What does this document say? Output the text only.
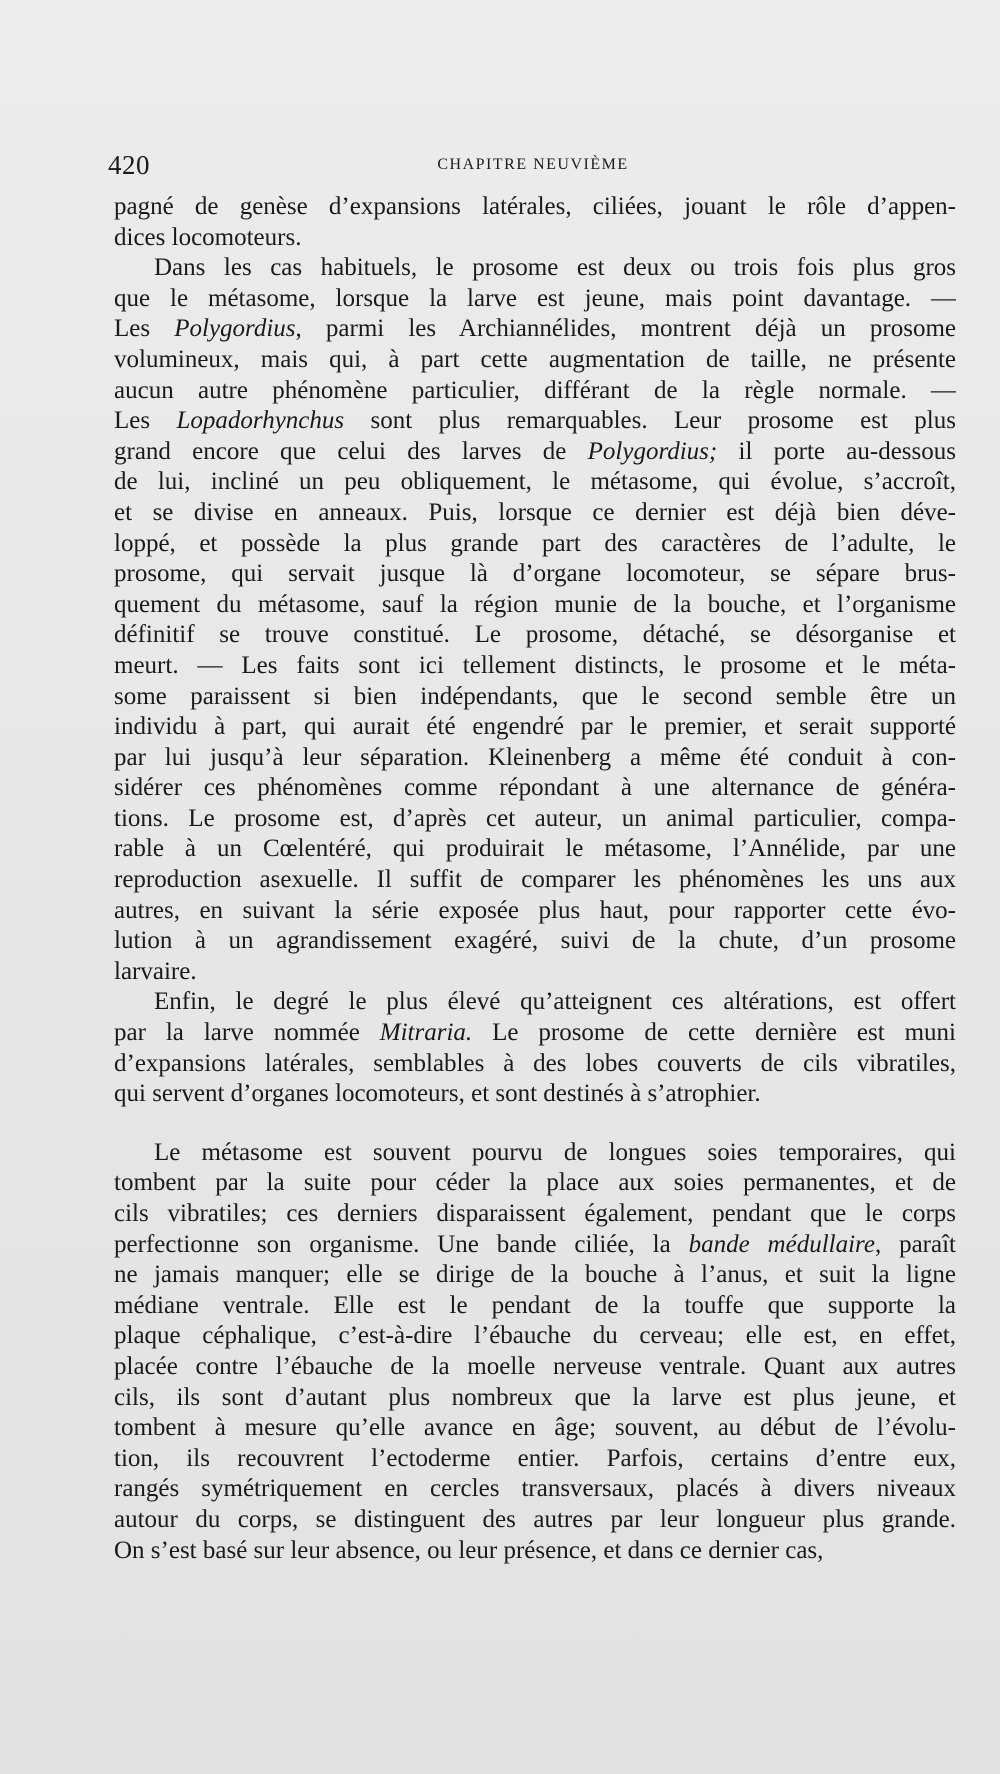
420	CHAPITRE NEUVIÈME
pagné de genèse d’expansions latérales, ciliées, jouant le rôle d’appen-
dices locomoteurs.
Dans les cas habituels, le prosome est deux ou trois fois plus gros
que le métasome, lorsque la larve est jeune, mais point davantage. —
Les Polygordius, parmi les Archiannélides, montrent déjà un prosome
volumineux, mais qui, à part cette augmentation de taille, ne présente
aucun autre phénomène particulier, différant de la règle normale. —
Les Lopadorhynchus sont plus remarquables. Leur prosome est plus
grand encore que celui des larves de Polygordius; il porte au-dessous
de lui, incliné un peu obliquement, le métasome, qui évolue, s’accroît,
et se divise en anneaux. Puis, lorsque ce dernier est déjà bien déve-
loppé, et possède la plus grande part des caractères de l’adulte, le
prosome, qui servait jusque là d’organe locomoteur, se sépare brus-
quement du métasome, sauf la région munie de la bouche, et l’organisme
définitif se trouve constitué. Le prosome, détaché, se désorganise et
meurt. — Les faits sont ici tellement distincts, le prosome et le méta-
some paraissent si bien indépendants, que le second semble être un
individu à part, qui aurait été engendré par le premier, et serait supporté
par lui jusqu’à leur séparation. Kleinenberg a même été conduit à con-
sidérer ces phénomènes comme répondant à une alternance de généra-
tions. Le prosome est, d’après cet auteur, un animal particulier, compa-
rable à un Cœlentéré, qui produirait le métasome, l’Annélide, par une
reproduction asexuelle. Il suffit de comparer les phénomènes les uns aux
autres, en suivant la série exposée plus haut, pour rapporter cette évo-
lution à un agrandissement exagéré, suivi de la chute, d’un prosome
larvaire.
Enfin, le degré le plus élevé qu’atteignent ces altérations, est offert
par la larve nommée Mitraria. Le prosome de cette dernière est muni
d’expansions latérales, semblables à des lobes couverts de cils vibratiles,
qui servent d’organes locomoteurs, et sont destinés à s’atrophier.
Le métasome est souvent pourvu de longues soies temporaires, qui
tombent par la suite pour céder la place aux soies permanentes, et de
cils vibratiles; ces derniers disparaissent également, pendant que le corps
perfectionne son organisme. Une bande ciliée, la bande médullaire, paraît
ne jamais manquer; elle se dirige de la bouche à l’anus, et suit la ligne
médiane ventrale. Elle est le pendant de la touffe que supporte la
plaque céphalique, c’est-à-dire l’ébauche du cerveau; elle est, en effet,
placée contre l’ébauche de la moelle nerveuse ventrale. Quant aux autres
cils, ils sont d’autant plus nombreux que la larve est plus jeune, et
tombent à mesure qu’elle avance en âge; souvent, au début de l’évolu-
tion, ils recouvrent l’ectoderme entier. Parfois, certains d’entre eux,
rangés symétriquement en cercles transversaux, placés à divers niveaux
autour du corps, se distinguent des autres par leur longueur plus grande.
On s’est basé sur leur absence, ou leur présence, et dans ce dernier cas,
